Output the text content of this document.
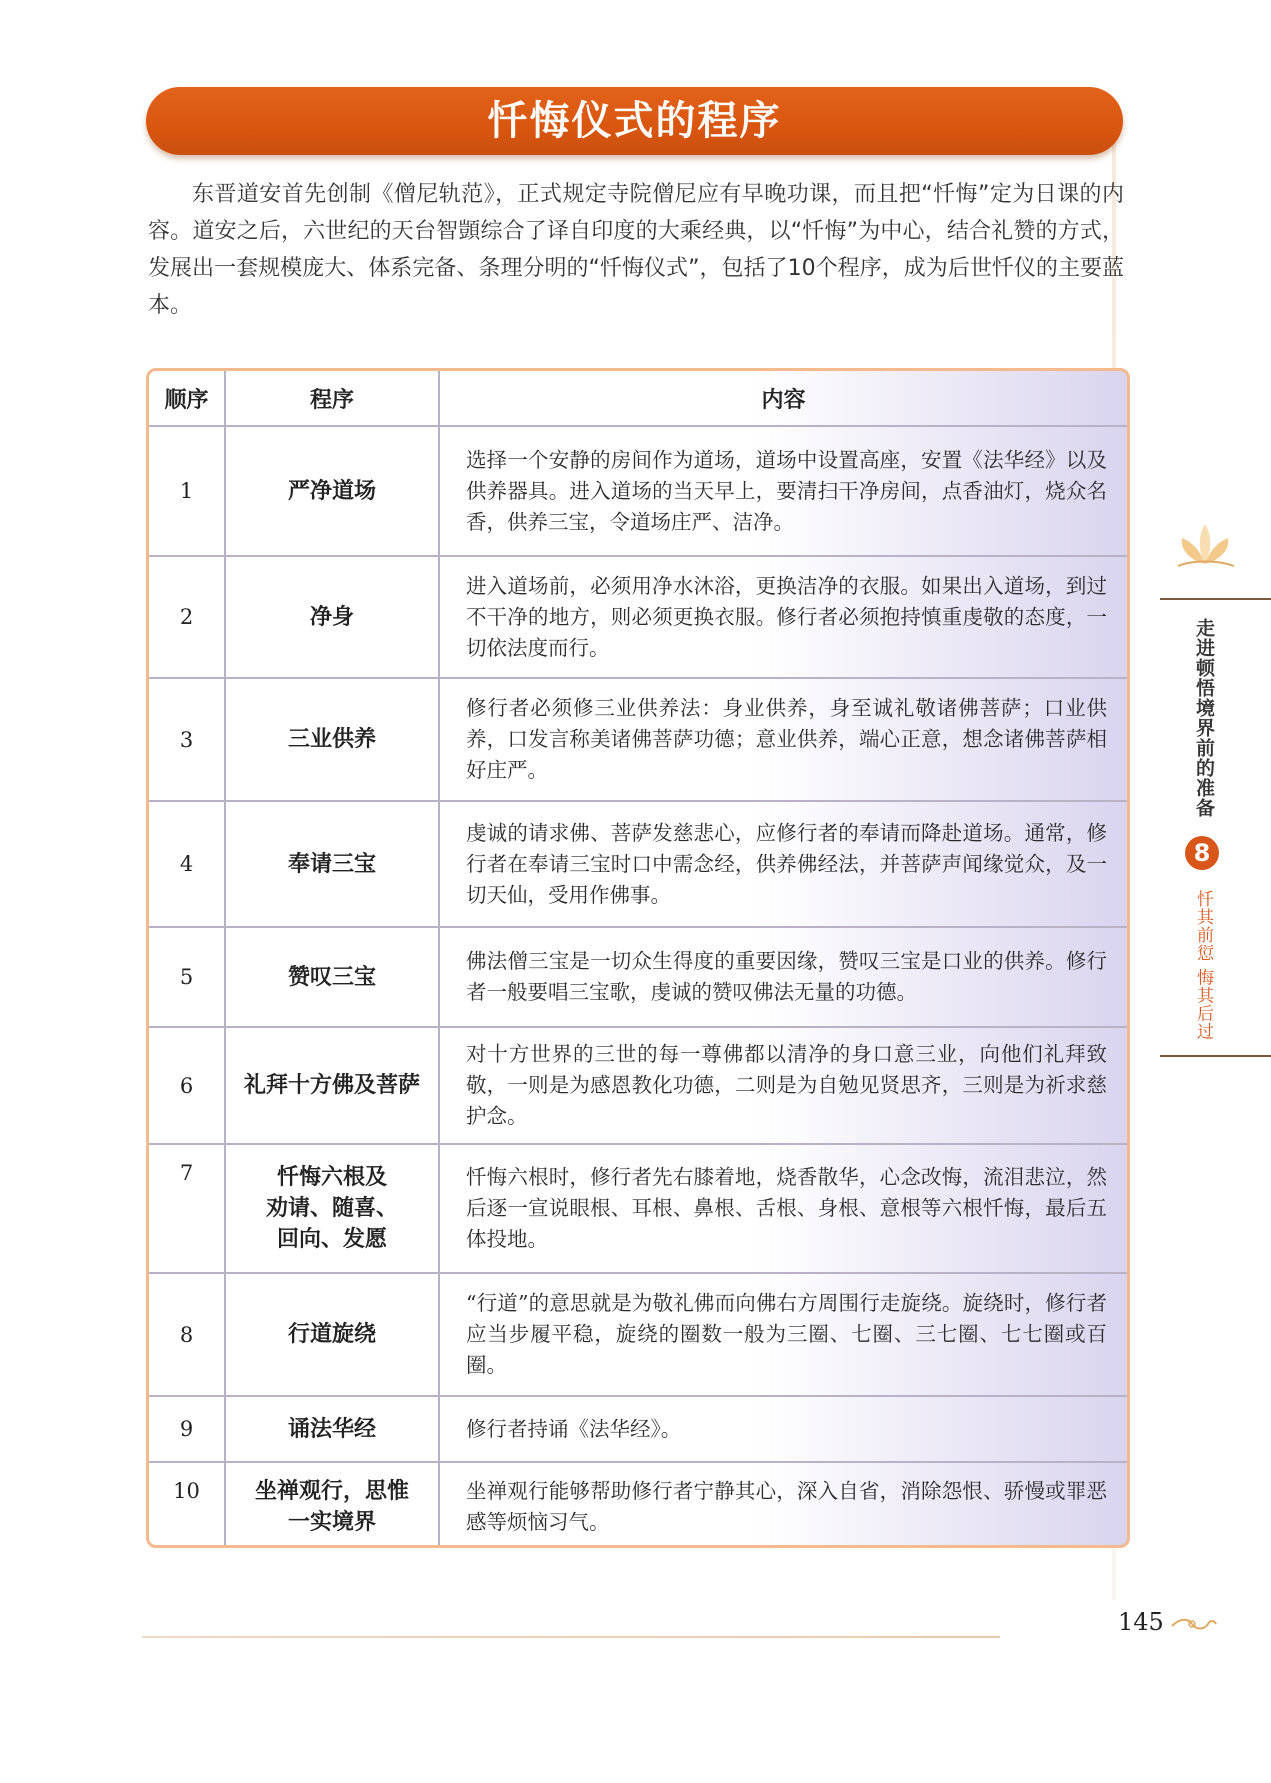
忏悔仪式的程序

东晋道安首先创制《僧尼轨范》，正式规定寺院僧尼应有早晚功课，而且把“忏悔”定为日课的内容。道安之后，六世纪的天台智顗综合了译自印度的大乘经典，以“忏悔”为中心，结合礼赞的方式，发展出一套规模庞大、体系完备、条理分明的“忏悔仪式”，包括了10个程序，成为后世忏仪的主要蓝本。

顺序	程序	内容
1	严净道场	选择一个安静的房间作为道场，道场中设置高座，安置《法华经》以及供养器具。进入道场的当天早上，要清扫干净房间，点香油灯，烧众名香，供养三宝，令道场庄严、洁净。
2	净身	进入道场前，必须用净水沐浴，更换洁净的衣服。如果出入道场，到过不干净的地方，则必须更换衣服。修行者必须抱持慎重虔敬的态度，一切依法度而行。
3	三业供养	修行者必须修三业供养法：身业供养，身至诚礼敬诸佛菩萨；口业供养，口发言称美诸佛菩萨功德；意业供养，端心正意，想念诸佛菩萨相好庄严。
4	奉请三宝	虔诚的请求佛、菩萨发慈悲心，应修行者的奉请而降赴道场。通常，修行者在奉请三宝时口中需念经，供养佛经法，并菩萨声闻缘觉众，及一切天仙，受用作佛事。
5	赞叹三宝	佛法僧三宝是一切众生得度的重要因缘，赞叹三宝是口业的供养。修行者一般要唱三宝歌，虔诚的赞叹佛法无量的功德。
6	礼拜十方佛及菩萨	对十方世界的三世的每一尊佛都以清净的身口意三业，向他们礼拜致敬，一则是为感恩教化功德，二则是为自勉见贤思齐，三则是为祈求慈护念。
7	忏悔六根及
劝请、随喜、
回向、发愿	忏悔六根时，修行者先右膝着地，烧香散华，心念改悔，流泪悲泣，然后逐一宣说眼根、耳根、鼻根、舌根、身根、意根等六根忏悔，最后五体投地。
8	行道旋绕	“行道”的意思就是为敬礼佛而向佛右方周围行走旋绕。旋绕时，修行者应当步履平稳，旋绕的圈数一般为三圈、七圈、三七圈、七七圈或百圈。
9	诵法华经	修行者持诵《法华经》。
10	坐禅观行，思惟
一实境界	坐禅观行能够帮助修行者宁静其心，深入自省，消除怨恨、骄慢或罪恶感等烦恼习气。
走进顿悟境界前的准备
8
忏其前愆 悔其后过
145
